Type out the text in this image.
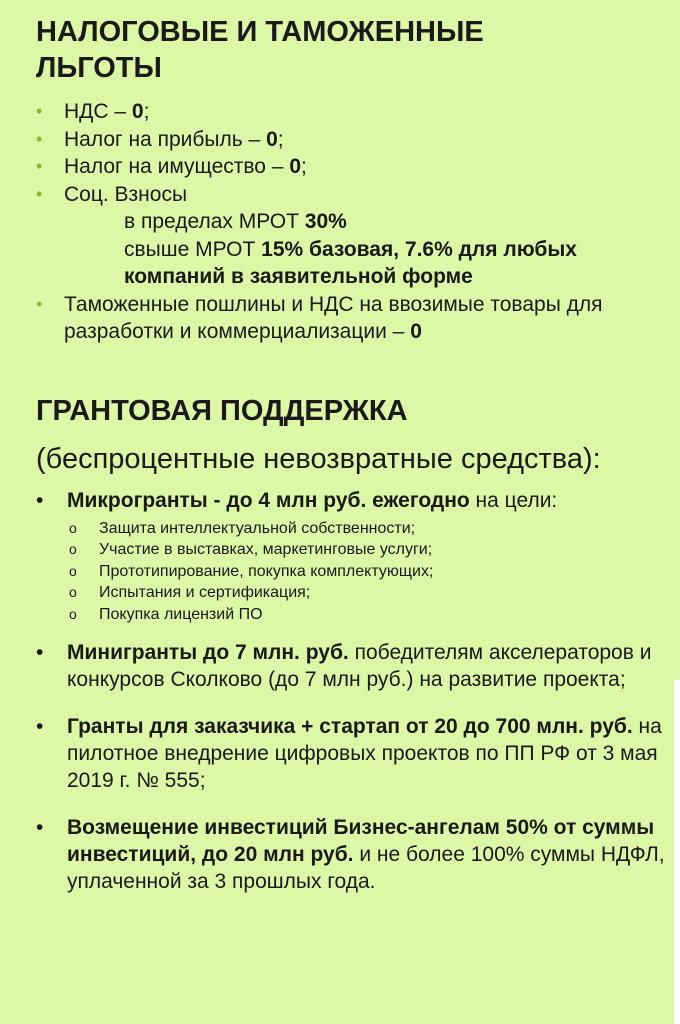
НАЛОГОВЫЕ И ТАМОЖЕННЫЕ ЛЬГОТЫ
• НДС – 0;
• Налог на прибыль – 0;
• Налог на имущество – 0;
• Соц. Взносы
в пределах МРОТ 30%
свыше МРОТ 15% базовая, 7.6% для любых
компаний в заявительной форме
• Таможенные пошлины и НДС на ввозимые товары для разработки и коммерциализации – 0
ГРАНТОВАЯ ПОДДЕРЖКА
(беспроцентные невозвратные средства):
• Микрогранты - до 4 млн руб. ежегодно на цели:
o Защита интеллектуальной собственности;
o Участие в выставках, маркетинговые услуги;
o Прототипирование, покупка комплектующих;
o Испытания и сертификация;
o Покупка лицензий ПО
• Минигранты до 7 млн. руб. победителям акселераторов и конкурсов Сколково (до 7 млн руб.) на развитие проекта;
• Гранты для заказчика + стартап от 20 до 700 млн. руб. на пилотное внедрение цифровых проектов по ПП РФ от 3 мая 2019 г. № 555;
• Возмещение инвестиций Бизнес-ангелам 50% от суммы инвестиций, до 20 млн руб. и не более 100% суммы НДФЛ, уплаченной за 3 прошлых года.
